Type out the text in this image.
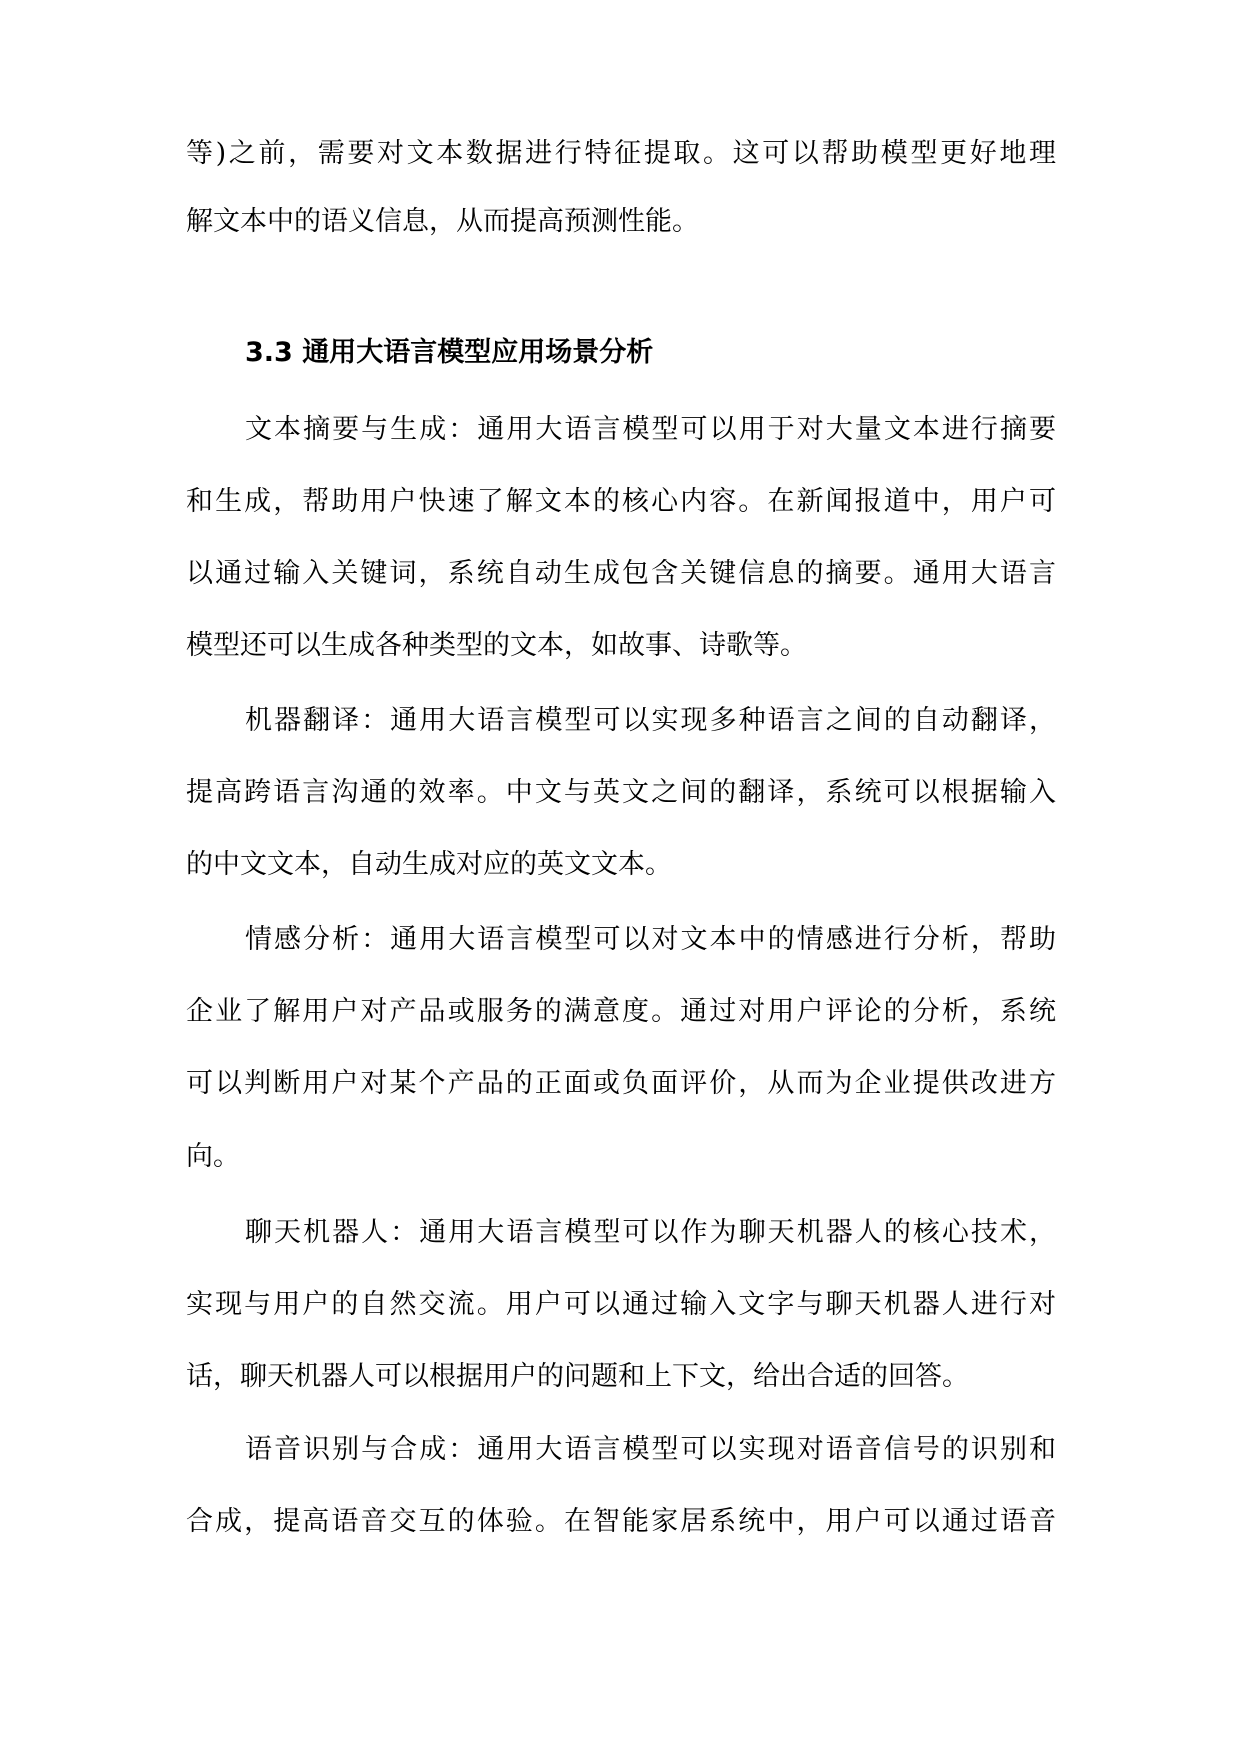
等)之前，需要对文本数据进行特征提取。这可以帮助模型更好地理

解文本中的语义信息，从而提高预测性能。

3.3 通用大语言模型应用场景分析

文本摘要与生成：通用大语言模型可以用于对大量文本进行摘要

和生成，帮助用户快速了解文本的核心内容。在新闻报道中，用户可

以通过输入关键词，系统自动生成包含关键信息的摘要。通用大语言

模型还可以生成各种类型的文本，如故事、诗歌等。

机器翻译：通用大语言模型可以实现多种语言之间的自动翻译，

提高跨语言沟通的效率。中文与英文之间的翻译，系统可以根据输入

的中文文本，自动生成对应的英文文本。

情感分析：通用大语言模型可以对文本中的情感进行分析，帮助

企业了解用户对产品或服务的满意度。通过对用户评论的分析，系统

可以判断用户对某个产品的正面或负面评价，从而为企业提供改进方

向。

聊天机器人：通用大语言模型可以作为聊天机器人的核心技术，

实现与用户的自然交流。用户可以通过输入文字与聊天机器人进行对

话，聊天机器人可以根据用户的问题和上下文，给出合适的回答。

语音识别与合成：通用大语言模型可以实现对语音信号的识别和

合成，提高语音交互的体验。在智能家居系统中，用户可以通过语音
